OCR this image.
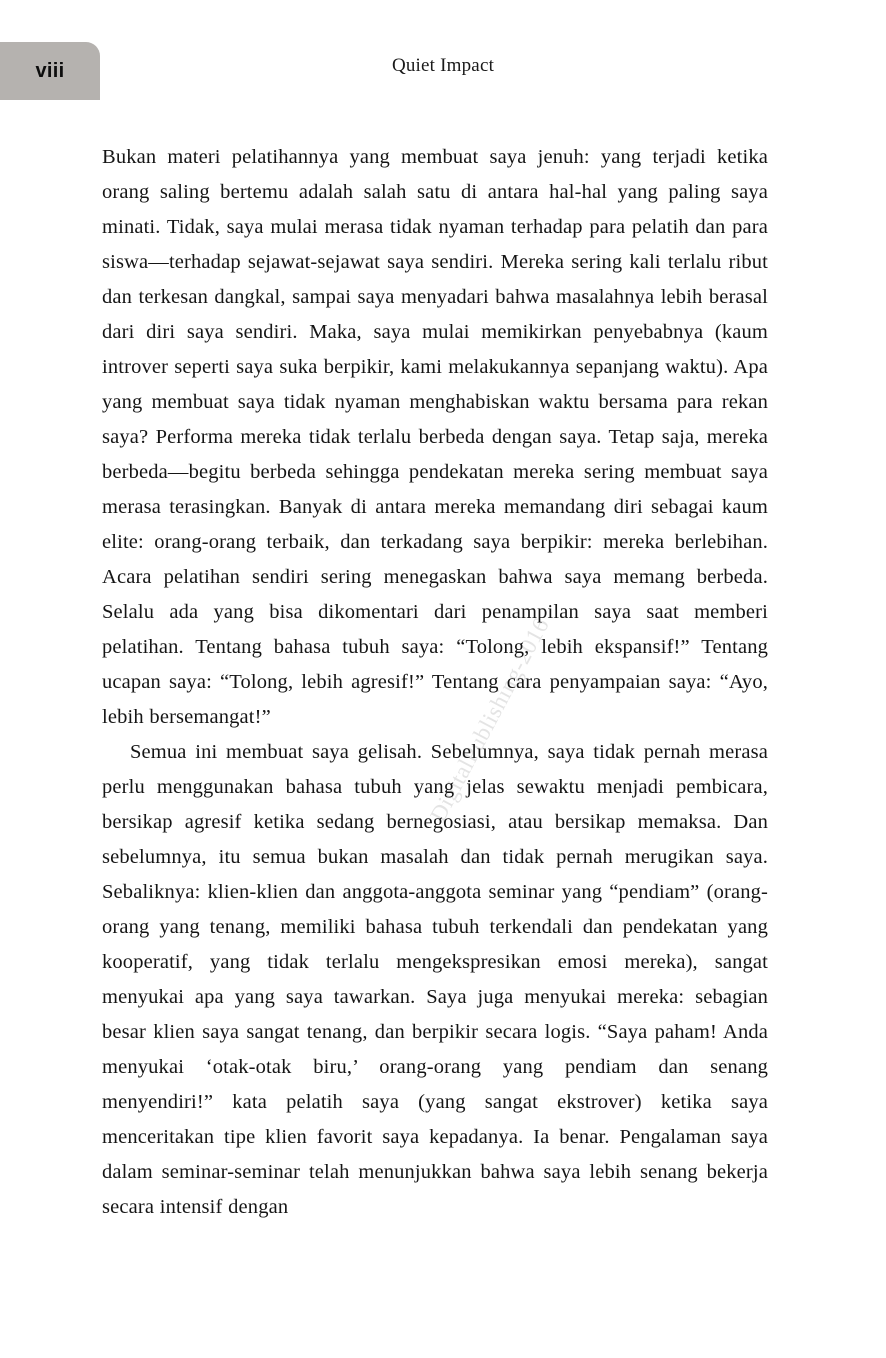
DigitalPublishing-2016
viii	Quiet Impact

Bukan materi pelatihannya yang membuat saya jenuh: yang terjadi ketika orang saling bertemu adalah salah satu di antara hal-hal yang paling saya minati. Tidak, saya mulai merasa tidak nyaman terhadap para pelatih dan para siswa—terhadap sejawat-sejawat saya sendiri. Mereka sering kali terlalu ribut dan terkesan dangkal, sampai saya menyadari bahwa masalahnya lebih berasal dari diri saya sendiri. Maka, saya mulai memikirkan penyebabnya (kaum introver seperti saya suka berpikir, kami melakukannya sepanjang waktu). Apa yang membuat saya tidak nyaman menghabiskan waktu bersama para rekan saya? Performa mereka tidak terlalu berbeda dengan saya. Tetap saja, mereka berbeda—begitu berbeda sehingga pendekatan mereka sering membuat saya merasa terasingkan. Banyak di antara mereka memandang diri sebagai kaum elite: orang-orang terbaik, dan terkadang saya berpikir: mereka berlebihan. Acara pelatihan sendiri sering menegaskan bahwa saya memang berbeda. Selalu ada yang bisa dikomentari dari penampilan saya saat memberi pelatihan. Tentang bahasa tubuh saya: “Tolong, lebih ekspansif!” Tentang ucapan saya: “Tolong, lebih agresif!” Tentang cara penyampaian saya: “Ayo, lebih bersemangat!”

Semua ini membuat saya gelisah. Sebelumnya, saya tidak pernah merasa perlu menggunakan bahasa tubuh yang jelas sewaktu menjadi pembicara, bersikap agresif ketika sedang bernegosiasi, atau bersikap memaksa. Dan sebelumnya, itu semua bukan masalah dan tidak pernah merugikan saya. Sebaliknya: klien-klien dan anggota-anggota seminar yang “pendiam” (orang-orang yang tenang, memiliki bahasa tubuh terkendali dan pendekatan yang kooperatif, yang tidak terlalu mengekspresikan emosi mereka), sangat menyukai apa yang saya tawarkan. Saya juga menyukai mereka: sebagian besar klien saya sangat tenang, dan berpikir secara logis. “Saya paham! Anda menyukai ‘otak-otak biru,’ orang-orang yang pendiam dan senang menyendiri!” kata pelatih saya (yang sangat ekstrover) ketika saya menceritakan tipe klien favorit saya kepadanya. Ia benar. Pengalaman saya dalam seminar-seminar telah menunjukkan bahwa saya lebih senang bekerja secara intensif dengan
